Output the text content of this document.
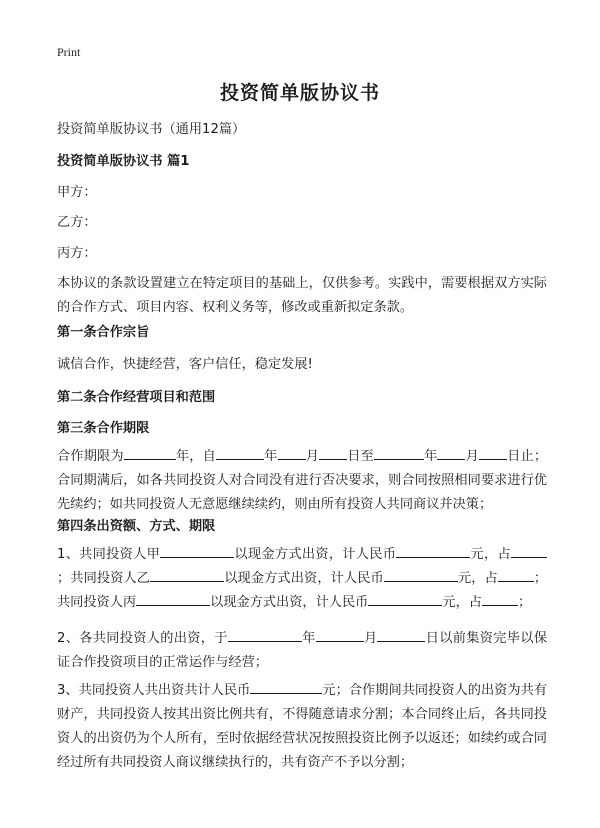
Print
投资简单版协议书
投资简单版协议书（通用12篇）
投资简单版协议书 篇1
甲方：
乙方：
丙方：
本协议的条款设置建立在特定项目的基础上，仅供参考。实践中，需要根据双方实际的合作方式、项目内容、权利义务等，修改或重新拟定条款。
第一条合作宗旨
诚信合作，快捷经营，客户信任，稳定发展!
第二条合作经营项目和范围
第三条合作期限
合作期限为	年，自	年 月 日至	年 月 日止；合同期满后，如各共同投资人对合同没有进行否决要求，则合同按照相同要求进行优先续约；如共同投资人无意愿继续续约，则由所有投资人共同商议并决策；
第四条出资额、方式、期限
1、共同投资人甲	以现金方式出资，计人民币	元，占；共同投资人乙	以现金方式出资，计人民币	元，占	；共同投资人丙	以现金方式出资，计人民币	元，占	；
2、各共同投资人的出资，于	年	月	日以前集资完毕以保证合作投资项目的正常运作与经营；
3、共同投资人共出资共计人民币	元；合作期间共同投资人的出资为共有财产，共同投资人按其出资比例共有，不得随意请求分割；本合同终止后，各共同投资人的出资仍为个人所有，至时依据经营状况按照投资比例予以返还；如续约或合同经过所有共同投资人商议继续执行的，共有资产不予以分割；
